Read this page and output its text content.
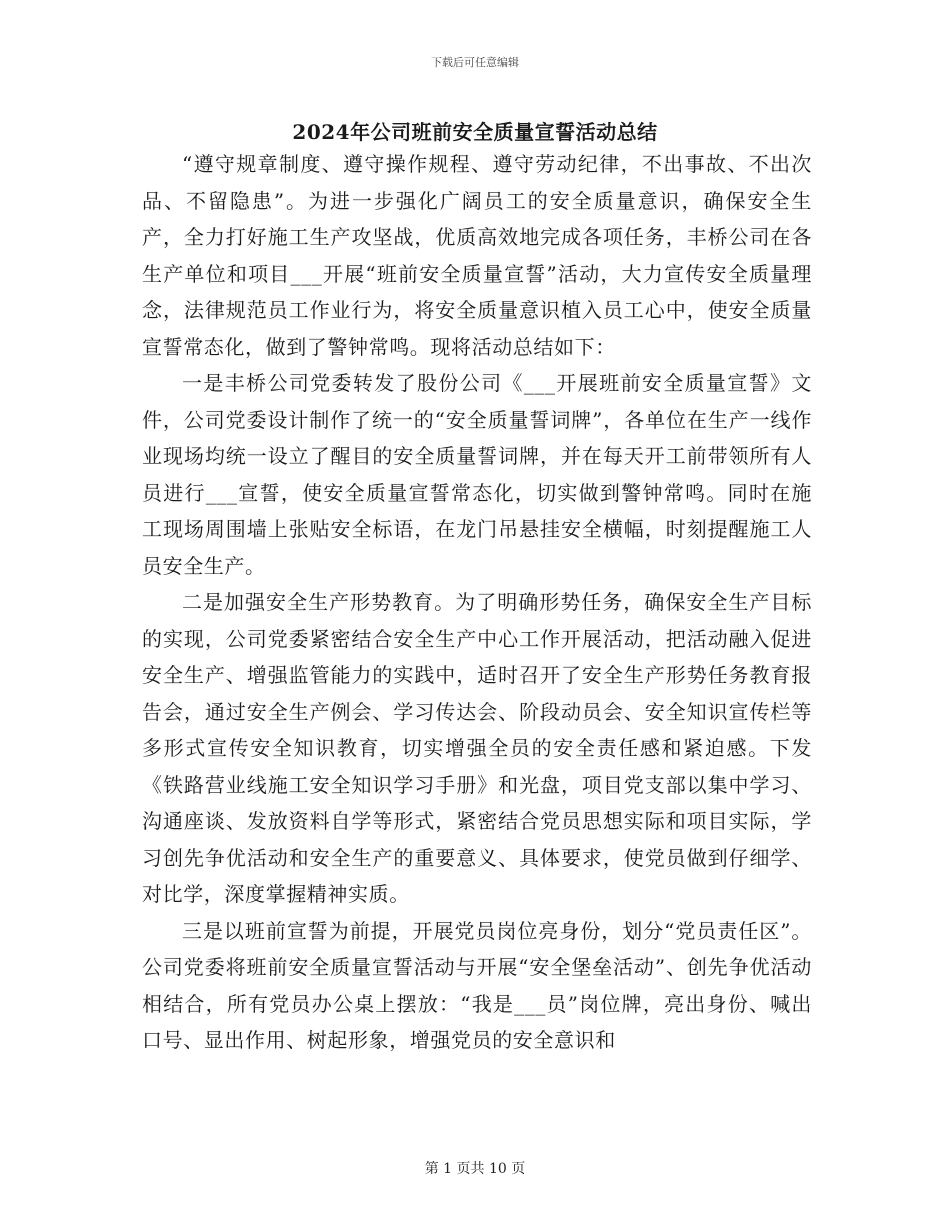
下载后可任意编辑
2024年公司班前安全质量宣誓活动总结

“遵守规章制度、遵守操作规程、遵守劳动纪律，不出事故、不出次品、不留隐患”。为进一步强化广阔员工的安全质量意识，确保安全生产，全力打好施工生产攻坚战，优质高效地完成各项任务，丰桥公司在各生产单位和项目___开展“班前安全质量宣誓”活动，大力宣传安全质量理念，法律规范员工作业行为，将安全质量意识植入员工心中，使安全质量宣誓常态化，做到了警钟常鸣。现将活动总结如下：

一是丰桥公司党委转发了股份公司《___开展班前安全质量宣誓》文件，公司党委设计制作了统一的“安全质量誓词牌”，各单位在生产一线作业现场均统一设立了醒目的安全质量誓词牌，并在每天开工前带领所有人员进行___宣誓，使安全质量宣誓常态化，切实做到警钟常鸣。同时在施工现场周围墙上张贴安全标语，在龙门吊悬挂安全横幅，时刻提醒施工人员安全生产。

二是加强安全生产形势教育。为了明确形势任务，确保安全生产目标的实现，公司党委紧密结合安全生产中心工作开展活动，把活动融入促进安全生产、增强监管能力的实践中，适时召开了安全生产形势任务教育报告会，通过安全生产例会、学习传达会、阶段动员会、安全知识宣传栏等多形式宣传安全知识教育，切实增强全员的安全责任感和紧迫感。下发《铁路营业线施工安全知识学习手册》和光盘，项目党支部以集中学习、沟通座谈、发放资料自学等形式，紧密结合党员思想实际和项目实际，学习创先争优活动和安全生产的重要意义、具体要求，使党员做到仔细学、对比学，深度掌握精神实质。

三是以班前宣誓为前提，开展党员岗位亮身份，划分“党员责任区”。公司党委将班前安全质量宣誓活动与开展“安全堡垒活动”、创先争优活动相结合，所有党员办公桌上摆放：“我是___员”岗位牌，亮出身份、喊出口号、显出作用、树起形象，增强党员的安全意识和

第 1 页共 10 页
